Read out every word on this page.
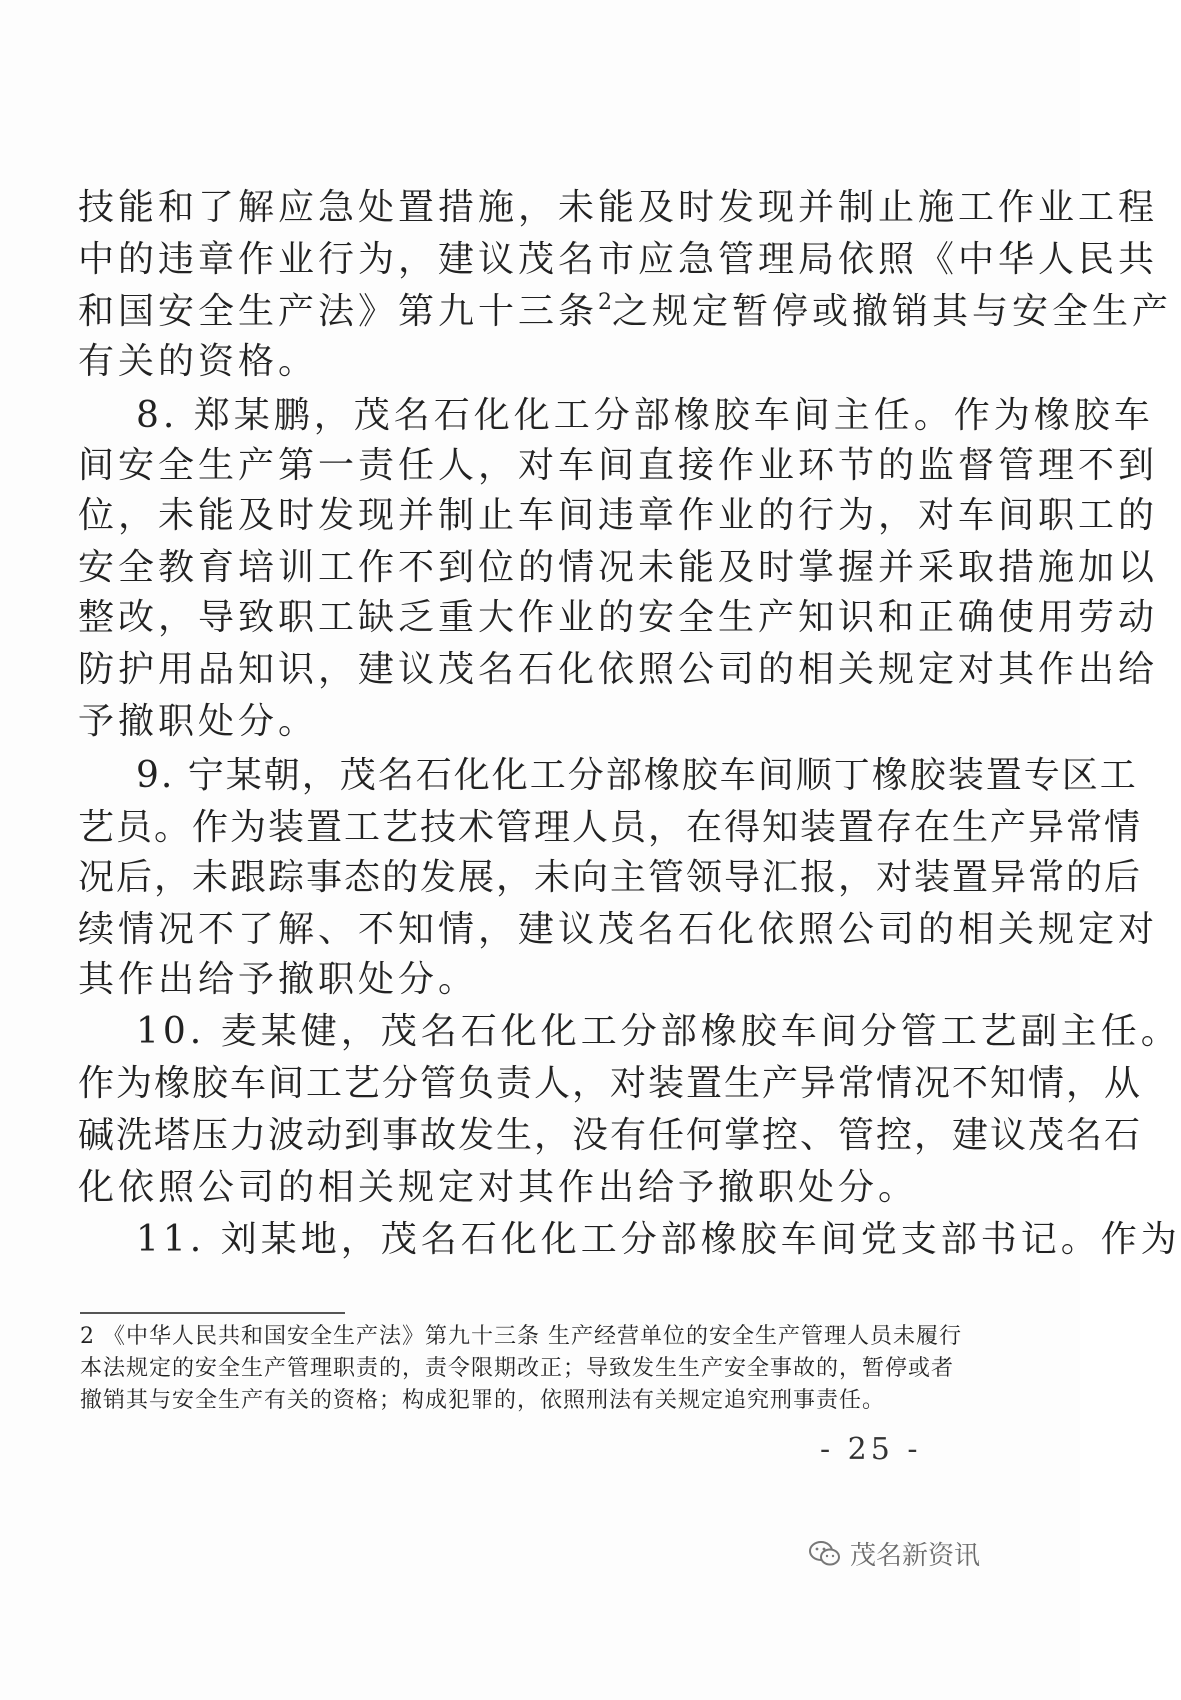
技能和了解应急处置措施，未能及时发现并制止施工作业工程
中的违章作业行为，建议茂名市应急管理局依照《中华人民共
和国安全生产法》第九十三条$^2$之规定暂停或撤销其与安全生产
有关的资格。
8. 郑某鹏，茂名石化化工分部橡胶车间主任。作为橡胶车
间安全生产第一责任人，对车间直接作业环节的监督管理不到
位，未能及时发现并制止车间违章作业的行为，对车间职工的
安全教育培训工作不到位的情况未能及时掌握并采取措施加以
整改，导致职工缺乏重大作业的安全生产知识和正确使用劳动
防护用品知识，建议茂名石化依照公司的相关规定对其作出给
予撤职处分。
9. 宁某朝，茂名石化化工分部橡胶车间顺丁橡胶装置专区工
艺员。作为装置工艺技术管理人员，在得知装置存在生产异常情
况后，未跟踪事态的发展，未向主管领导汇报，对装置异常的后
续情况不了解、不知情，建议茂名石化依照公司的相关规定对
其作出给予撤职处分。
10. 麦某健，茂名石化化工分部橡胶车间分管工艺副主任。
作为橡胶车间工艺分管负责人，对装置生产异常情况不知情，从
碱洗塔压力波动到事故发生，没有任何掌控、管控，建议茂名石
化依照公司的相关规定对其作出给予撤职处分。
11. 刘某地，茂名石化化工分部橡胶车间党支部书记。作为
2 《中华人民共和国安全生产法》第九十三条 生产经营单位的安全生产管理人员未履行
本法规定的安全生产管理职责的，责令限期改正；导致发生生产安全事故的，暂停或者
撤销其与安全生产有关的资格；构成犯罪的，依照刑法有关规定追究刑事责任。
- 25 -
茂名新资讯
